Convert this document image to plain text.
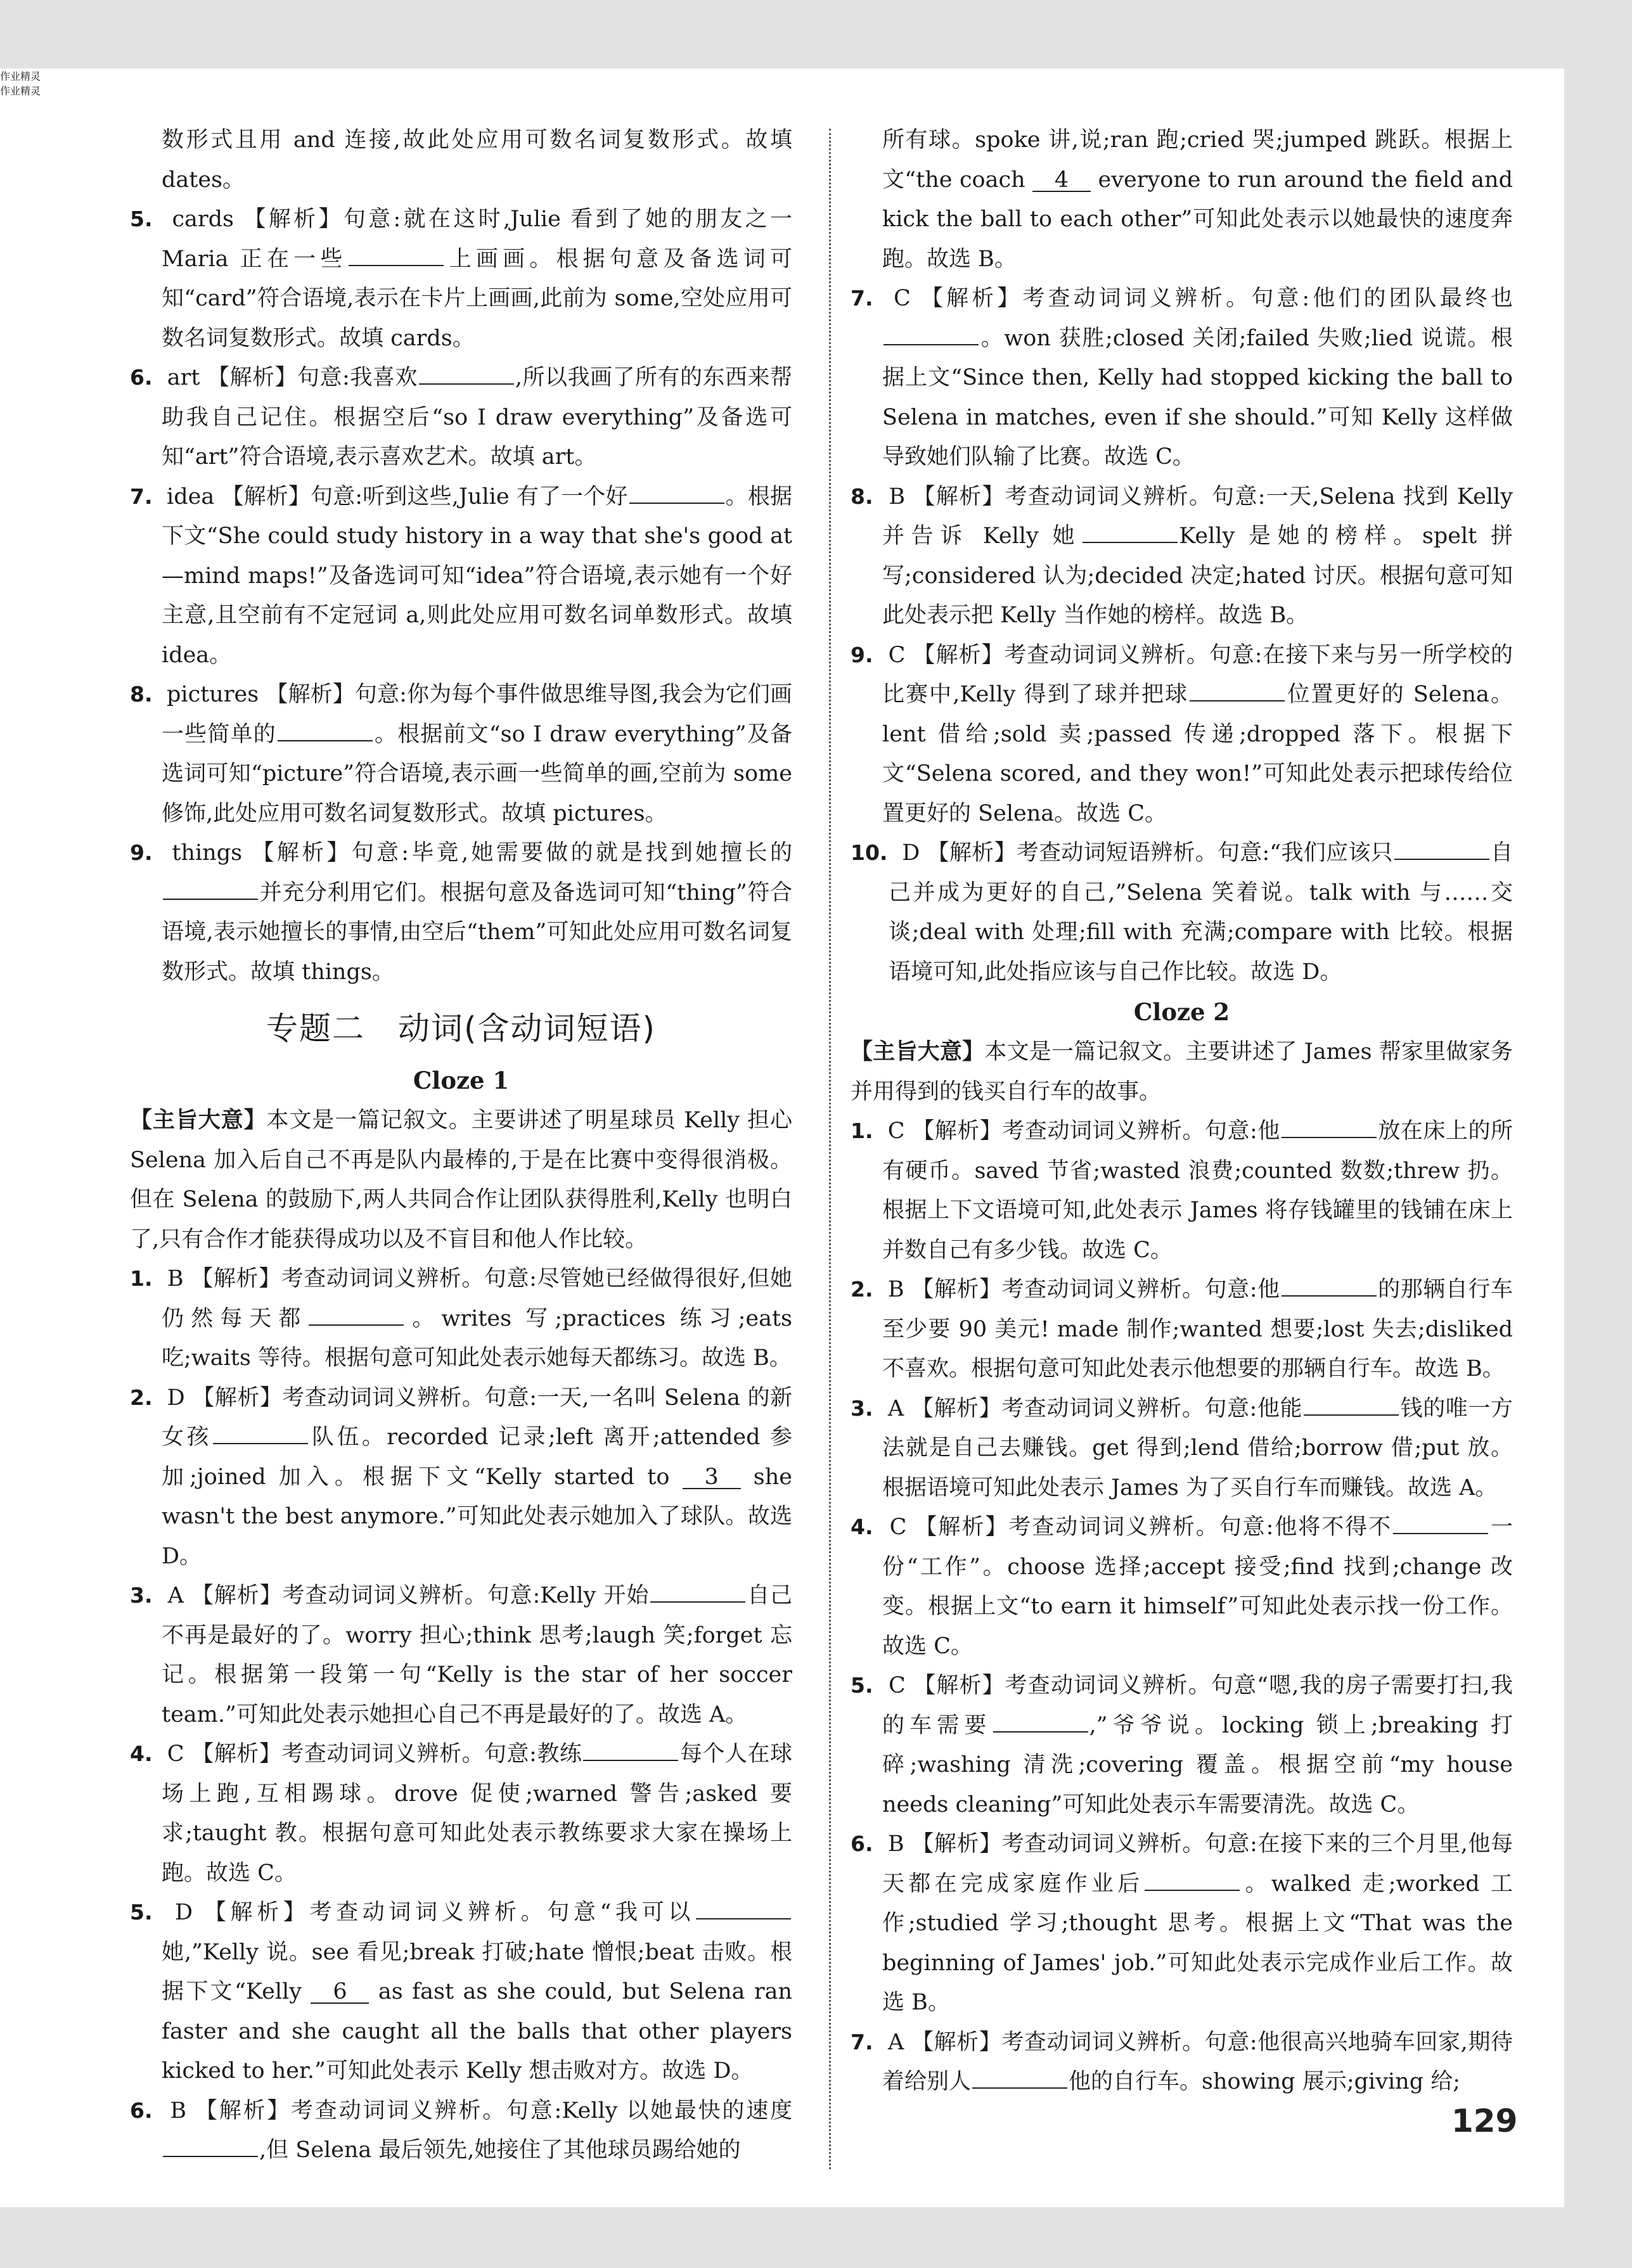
数形式且用 and 连接,故此处应用可数名词复数形式。故填 dates。
5. cards 【解析】句意:就在这时,Julie 看到了她的朋友之一 Maria 正在一些	上画画。根据句意及备选词可知“card”符合语境,表示在卡片上画画,此前为 some,空处应用可数名词复数形式。故填 cards。
6. art 【解析】句意:我喜欢	,所以我画了所有的东西来帮助我自己记住。根据空后“so I draw everything”及备选可知“art”符合语境,表示喜欢艺术。故填 art。
7. idea 【解析】句意:听到这些,Julie 有了一个好	。根据下文“She could study history in a way that she's good at—mind maps!”及备选词可知“idea”符合语境,表示她有一个好主意,且空前有不定冠词 a,则此处应用可数名词单数形式。故填 idea。
8. pictures 【解析】句意:你为每个事件做思维导图,我会为它们画一些简单的	。根据前文“so I draw everything”及备选词可知“picture”符合语境,表示画一些简单的画,空前为 some 修饰,此处应用可数名词复数形式。故填 pictures。
9. things 【解析】句意:毕竟,她需要做的就是找到她擅长的并充分利用它们。根据句意及备选词可知“thing”符合语境,表示她擅长的事情,由空后“them”可知此处应用可数名词复数形式。故填 things。
专题二　动词(含动词短语)
Cloze 1
【主旨大意】本文是一篇记叙文。主要讲述了明星球员 Kelly 担心 Selena 加入后自己不再是队内最棒的,于是在比赛中变得很消极。但在 Selena 的鼓励下,两人共同合作让团队获得胜利,Kelly 也明白了,只有合作才能获得成功以及不盲目和他人作比较。
1. B 【解析】考查动词词义辨析。句意:尽管她已经做得很好,但她仍然每天都	。writes 写;practices 练习;eats 吃;waits 等待。根据句意可知此处表示她每天都练习。故选 B。
2. D 【解析】考查动词词义辨析。句意:一天,一名叫 Selena 的新女孩	队伍。recorded 记录;left 离开;attended 参加;joined 加入。根据下文“Kelly started to 3 she wasn't the best anymore.”可知此处表示她加入了球队。故选 D。
3. A 【解析】考查动词词义辨析。句意:Kelly 开始	自己不再是最好的了。worry 担心;think 思考;laugh 笑;forget 忘记。根据第一段第一句“Kelly is the star of her soccer team.”可知此处表示她担心自己不再是最好的了。故选 A。
4. C 【解析】考查动词词义辨析。句意:教练	每个人在球场上跑,互相踢球。drove 促使;warned 警告;asked 要求;taught 教。根据句意可知此处表示教练要求大家在操场上跑。故选 C。
5. D 【解析】考查动词词义辨析。句意“我可以她,”Kelly 说。see 看见;break 打破;hate 憎恨;beat 击败。根据下文“Kelly 6 as fast as she could, but Selena ran faster and she caught all the balls that other players kicked to her.”可知此处表示 Kelly 想击败对方。故选 D。
6. B 【解析】考查动词词义辨析。句意:Kelly 以她最快的速度,但 Selena 最后领先,她接住了其他球员踢给她的
所有球。spoke 讲,说;ran 跑;cried 哭;jumped 跳跃。根据上文“the coach 4 everyone to run around the field and kick the ball to each other”可知此处表示以她最快的速度奔跑。故选 B。
7. C 【解析】考查动词词义辨析。句意:他们的团队最终也。won 获胜;closed 关闭;failed 失败;lied 说谎。根据上文“Since then, Kelly had stopped kicking the ball to Selena in matches, even if she should.”可知 Kelly 这样做导致她们队输了比赛。故选 C。
8. B 【解析】考查动词词义辨析。句意:一天,Selena 找到 Kelly 并告诉 Kelly 她	Kelly 是她的榜样。spelt 拼写;considered 认为;decided 决定;hated 讨厌。根据句意可知此处表示把 Kelly 当作她的榜样。故选 B。
9. C 【解析】考查动词词义辨析。句意:在接下来与另一所学校的比赛中,Kelly 得到了球并把球	位置更好的 Selena。lent 借给;sold 卖;passed 传递;dropped 落下。根据下文“Selena scored, and they won!”可知此处表示把球传给位置更好的 Selena。故选 C。
10. D 【解析】考查动词短语辨析。句意:“我们应该只	自己并成为更好的自己,”Selena 笑着说。talk with 与……交谈;deal with 处理;fill with 充满;compare with 比较。根据语境可知,此处指应该与自己作比较。故选 D。
Cloze 2
【主旨大意】本文是一篇记叙文。主要讲述了 James 帮家里做家务并用得到的钱买自行车的故事。
1. C 【解析】考查动词词义辨析。句意:他	放在床上的所有硬币。saved 节省;wasted 浪费;counted 数数;threw 扔。根据上下文语境可知,此处表示 James 将存钱罐里的钱铺在床上并数自己有多少钱。故选 C。
2. B 【解析】考查动词词义辨析。句意:他	的那辆自行车至少要 90 美元! made 制作;wanted 想要;lost 失去;disliked 不喜欢。根据句意可知此处表示他想要的那辆自行车。故选 B。
3. A 【解析】考查动词词义辨析。句意:他能	钱的唯一方法就是自己去赚钱。get 得到;lend 借给;borrow 借;put 放。根据语境可知此处表示 James 为了买自行车而赚钱。故选 A。
4. C 【解析】考查动词词义辨析。句意:他将不得不	一份“工作”。choose 选择;accept 接受;find 找到;change 改变。根据上文“to earn it himself”可知此处表示找一份工作。故选 C。
5. C 【解析】考查动词词义辨析。句意“嗯,我的房子需要打扫,我的车需要	,”爷爷说。locking 锁上;breaking 打碎;washing 清洗;covering 覆盖。根据空前“my house needs cleaning”可知此处表示车需要清洗。故选 C。
6. B 【解析】考查动词词义辨析。句意:在接下来的三个月里,他每天都在完成家庭作业后	。walked 走;worked 工作;studied 学习;thought 思考。根据上文“That was the beginning of James' job.”可知此处表示完成作业后工作。故选 B。
7. A 【解析】考查动词词义辨析。句意:他很高兴地骑车回家,期待着给别人	他的自行车。showing 展示;giving 给;
作业精灵
作业精灵
129
